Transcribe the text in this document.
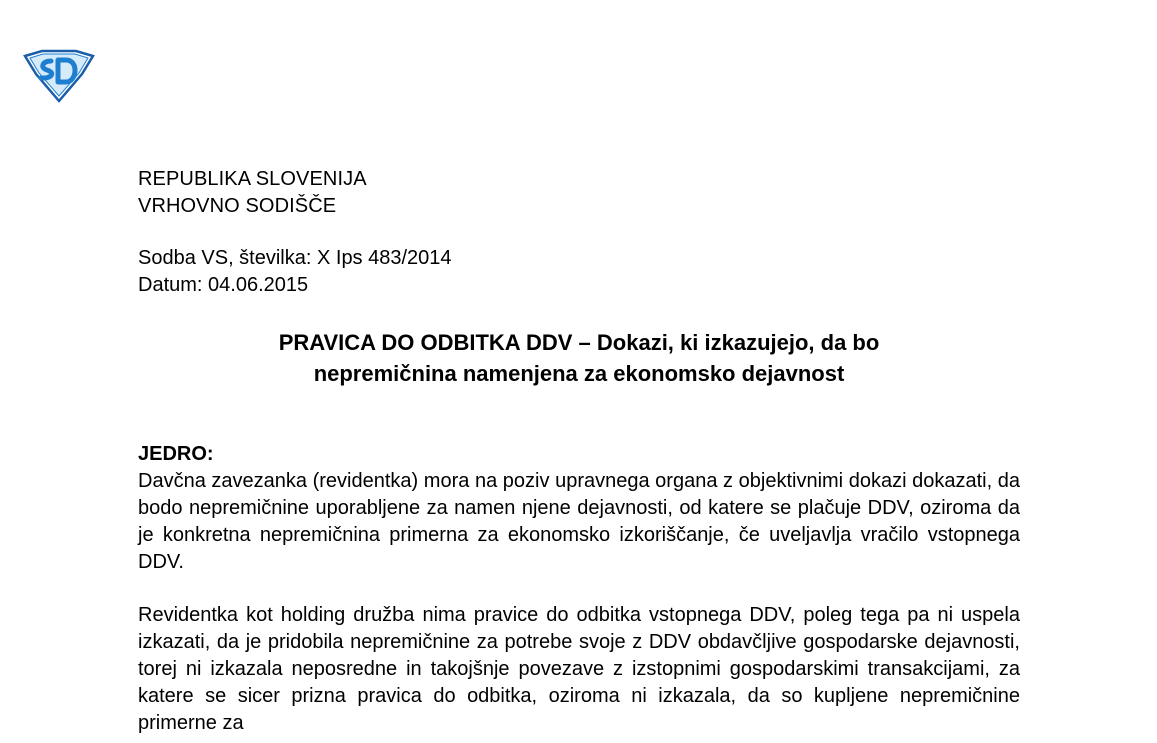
REPUBLIKA SLOVENIJA
VRHOVNO SODIŠČE
Sodba VS, številka: X Ips 483/2014
Datum: 04.06.2015
PRAVICA DO ODBITKA DDV – Dokazi, ki izkazujejo, da bo
nepremičnina namenjena za ekonomsko dejavnost
JEDRO:

Davčna zavezanka (revidentka) mora na poziv upravnega organa z objektivnimi dokazi dokazati, da bodo nepremičnine uporabljene za namen njene dejavnosti, od katere se plačuje DDV, oziroma da je konkretna nepremičnina primerna za ekonomsko izkoriščanje, če uveljavlja vračilo vstopnega DDV.

Revidentka kot holding družba nima pravice do odbitka vstopnega DDV, poleg tega pa ni uspela izkazati, da je pridobila nepremičnine za potrebe svoje z DDV obdavčljive gospodarske dejavnosti, torej ni izkazala neposredne in takojšnje povezave z izstopnimi gospodarskimi transakcijami, za katere se sicer prizna pravica do odbitka, oziroma ni izkazala, da so kupljene nepremičnine primerne za
